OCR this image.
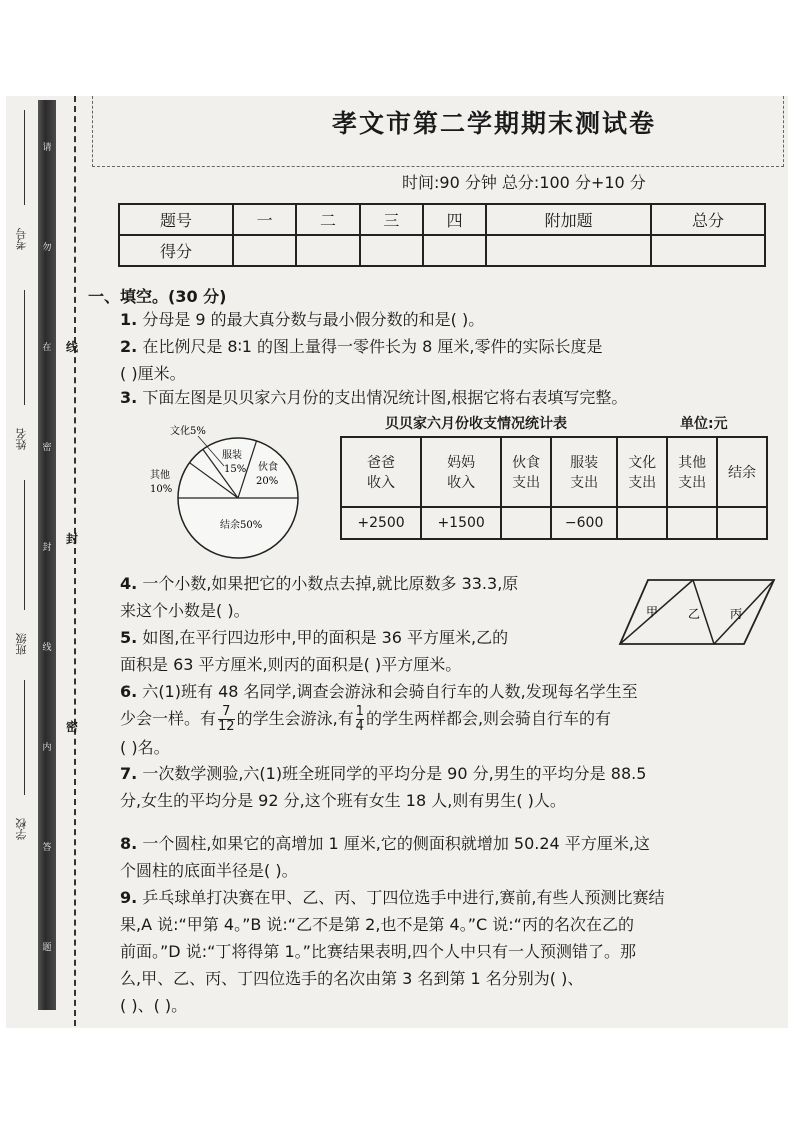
请
勿
在
密
封
线
内
答
题
考号
姓名
班级
学校
线
封
密
孝文市第二学期期末测试卷
时间:90 分钟 总分:100 分+10 分
题号	一	二	三	四	附加题	总分
得分						
一、填空。(30 分)
1. 分母是 9 的最大真分数与最小假分数的和是( )。
2. 在比例尺是 8∶1 的图上量得一零件长为 8 厘米,零件的实际长度是
( )厘米。
3. 下面左图是贝贝家六月份的支出情况统计图,根据它将右表填写完整。
文化5%
服装
15% 伙食
20%
其他
10%
结余50%
贝贝家六月份收支情况统计表	单位:元
爸爸
收入	妈妈
收入	伙食
支出	服装
支出	文化
支出	其他
支出	结余
+2500	+1500		−600			
4. 一个小数,如果把它的小数点去掉,就比原数多 33.3,原
来这个小数是( )。	甲 乙 丙
5. 如图,在平行四边形中,甲的面积是 36 平方厘米,乙的
面积是 63 平方厘米,则丙的面积是( )平方厘米。
6. 六(1)班有 48 名同学,调查会游泳和会骑自行车的人数,发现每名学生至
少会一样。有 $\frac{7}{12}$ 的学生会游泳,有 $\frac{1}{4}$ 的学生两样都会,则会骑自行车的有
( )名。
7. 一次数学测验,六(1)班全班同学的平均分是 90 分,男生的平均分是 88.5
分,女生的平均分是 92 分,这个班有女生 18 人,则有男生( )人。
8. 一个圆柱,如果它的高增加 1 厘米,它的侧面积就增加 50.24 平方厘米,这
个圆柱的底面半径是( )。
9. 乒乓球单打决赛在甲、乙、丙、丁四位选手中进行,赛前,有些人预测比赛结
果,A 说:“甲第 4。”B 说:“乙不是第 2,也不是第 4。”C 说:“丙的名次在乙的
前面。”D 说:“丁将得第 1。”比赛结果表明,四个人中只有一人预测错了。那
么,甲、乙、丙、丁四位选手的名次由第 3 名到第 1 名分别为( )、
( )、( )。
